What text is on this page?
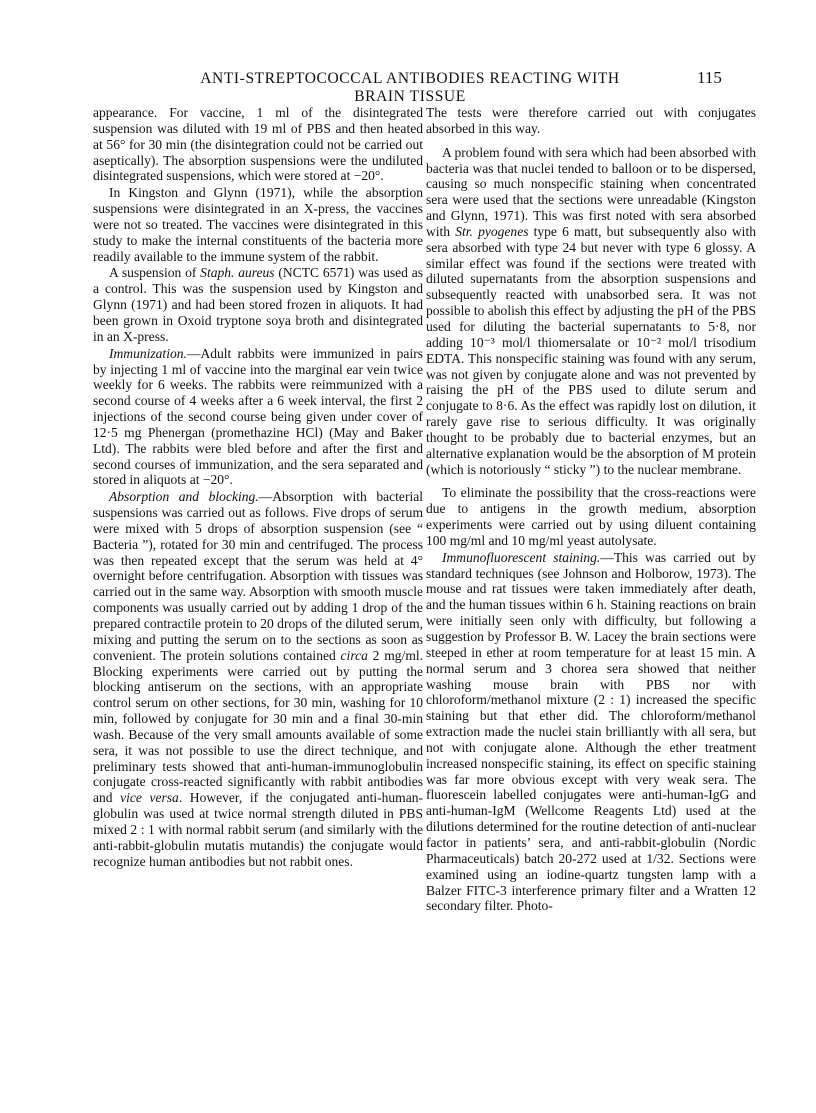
ANTI-STREPTOCOCCAL ANTIBODIES REACTING WITH BRAIN TISSUE
115

appearance. For vaccine, 1 ml of the disintegrated suspension was diluted with 19 ml of PBS and then heated at 56° for 30 min (the disintegration could not be carried out aseptically). The absorption suspensions were the undiluted disintegrated suspensions, which were stored at −20°.

In Kingston and Glynn (1971), while the absorption suspensions were disintegrated in an X-press, the vaccines were not so treated. The vaccines were disintegrated in this study to make the internal constituents of the bacteria more readily available to the immune system of the rabbit.

A suspension of Staph. aureus (NCTC 6571) was used as a control. This was the suspension used by Kingston and Glynn (1971) and had been stored frozen in aliquots. It had been grown in Oxoid tryptone soya broth and disintegrated in an X-press.

Immunization.—Adult rabbits were immunized in pairs by injecting 1 ml of vaccine into the marginal ear vein twice weekly for 6 weeks. The rabbits were reimmunized with a second course of 4 weeks after a 6 week interval, the first 2 injections of the second course being given under cover of 12·5 mg Phenergan (promethazine HCl) (May and Baker Ltd). The rabbits were bled before and after the first and second courses of immunization, and the sera separated and stored in aliquots at −20°.

Absorption and blocking.—Absorption with bacterial suspensions was carried out as follows. Five drops of serum were mixed with 5 drops of absorption suspension (see “ Bacteria ”), rotated for 30 min and centrifuged. The process was then repeated except that the serum was held at 4° overnight before centrifugation. Absorption with tissues was carried out in the same way. Absorption with smooth muscle components was usually carried out by adding 1 drop of the prepared contractile protein to 20 drops of the diluted serum, mixing and putting the serum on to the sections as soon as convenient. The protein solutions contained circa 2 mg/ml. Blocking experiments were carried out by putting the blocking antiserum on the sections, with an appropriate control serum on other sections, for 30 min, washing for 10 min, followed by conjugate for 30 min and a final 30-min wash. Because of the very small amounts available of some sera, it was not possible to use the direct technique, and preliminary tests showed that anti-human-immunoglobulin conjugate cross-reacted significantly with rabbit antibodies and vice versa. However, if the conjugated anti-human-globulin was used at twice normal strength diluted in PBS mixed 2 : 1 with normal rabbit serum (and similarly with the anti-rabbit-globulin mutatis mutandis) the conjugate would recognize human antibodies but not rabbit ones.

The tests were therefore carried out with conjugates absorbed in this way.

A problem found with sera which had been absorbed with bacteria was that nuclei tended to balloon or to be dispersed, causing so much nonspecific staining when concentrated sera were used that the sections were unreadable (Kingston and Glynn, 1971). This was first noted with sera absorbed with Str. pyogenes type 6 matt, but subsequently also with sera absorbed with type 24 but never with type 6 glossy. A similar effect was found if the sections were treated with diluted supernatants from the absorption suspensions and subsequently reacted with unabsorbed sera. It was not possible to abolish this effect by adjusting the pH of the PBS used for diluting the bacterial supernatants to 5·8, nor adding 10⁻³ mol/l thiomersalate or 10⁻² mol/l trisodium EDTA. This nonspecific staining was found with any serum, was not given by conjugate alone and was not prevented by raising the pH of the PBS used to dilute serum and conjugate to 8·6. As the effect was rapidly lost on dilution, it rarely gave rise to serious difficulty. It was originally thought to be probably due to bacterial enzymes, but an alternative explanation would be the absorption of M protein (which is notoriously “ sticky ”) to the nuclear membrane.

To eliminate the possibility that the cross-reactions were due to antigens in the growth medium, absorption experiments were carried out by using diluent containing 100 mg/ml and 10 mg/ml yeast autolysate.

Immunofluorescent staining.—This was carried out by standard techniques (see Johnson and Holborow, 1973). The mouse and rat tissues were taken immediately after death, and the human tissues within 6 h. Staining reactions on brain were initially seen only with difficulty, but following a suggestion by Professor B. W. Lacey the brain sections were steeped in ether at room temperature for at least 15 min. A normal serum and 3 chorea sera showed that neither washing mouse brain with PBS nor with chloroform/methanol mixture (2 : 1) increased the specific staining but that ether did. The chloroform/methanol extraction made the nuclei stain brilliantly with all sera, but not with conjugate alone. Although the ether treatment increased nonspecific staining, its effect on specific staining was far more obvious except with very weak sera. The fluorescein labelled conjugates were anti-human-IgG and anti-human-IgM (Wellcome Reagents Ltd) used at the dilutions determined for the routine detection of anti-nuclear factor in patients’ sera, and anti-rabbit-globulin (Nordic Pharmaceuticals) batch 20-272 used at 1/32. Sections were examined using an iodine-quartz tungsten lamp with a Balzer FITC-3 interference primary filter and a Wratten 12 secondary filter. Photo-
